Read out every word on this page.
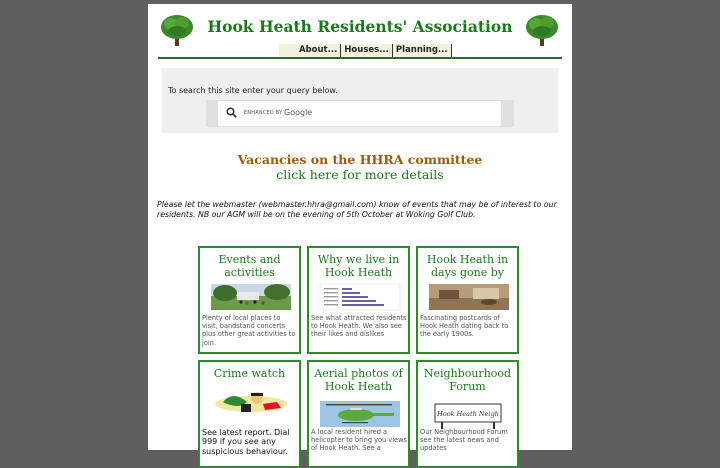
Hook Heath Residents' Association
About... Houses... Planning...
To search this site enter your query below.
ENHANCED BY Google
Vacancies on the HHRA committee
click here for more details
Please let the webmaster (webmaster.hhra@gmail.com) know of events that may be of interest to our residents. NB our AGM will be on the evening of 5th October at Woking Golf Club.
Events and activities
Plenty of local places to visit, bandstand concerts plus other great activities to join.
Why we live in Hook Heath
See what attracted residents to Hook Heath. We also see their likes and dislikes
Hook Heath in days gone by
Fascinating postcards of Hook Heath dating back to the early 1900s.
Crime watch
See latest report. Dial 999 if you see any suspicious behaviour.
Aerial photos of Hook Heath
A local resident hired a helicopter to bring you views of Hook Heath. See a
Neighbourhood Forum
Hook Heath Neigh
Our Neighbourhood Forum see the latest news and updates
